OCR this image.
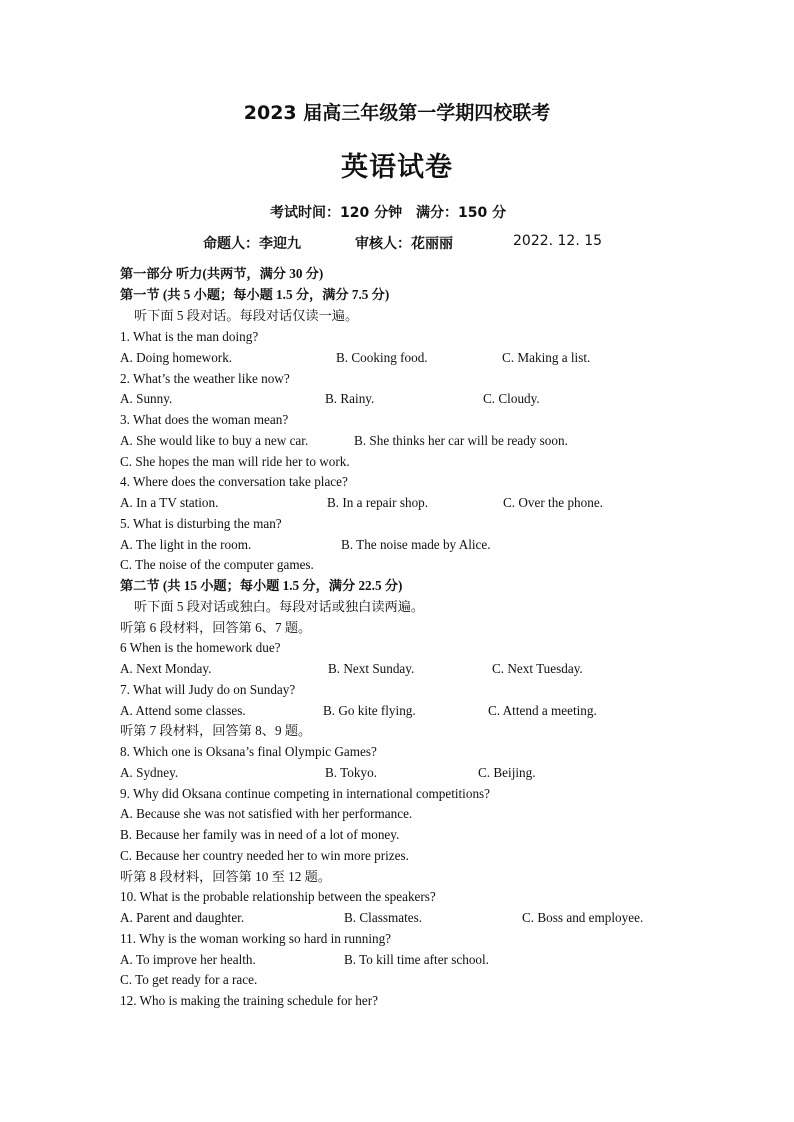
2023 届高三年级第一学期四校联考
英语试卷
考试时间：120 分钟 满分：150 分
命题人：李迎九	审核人：花丽丽	2022. 12. 15
第一部分 听力(共两节，满分 30 分)
第一节 (共 5 小题；每小题 1.5 分，满分 7.5 分)
听下面 5 段对话。每段对话仅读一遍。
1. What is the man doing?
A. Doing homework.	B. Cooking food.	C. Making a list.
2. What’s the weather like now?
A. Sunny.	B. Rainy.	C. Cloudy.
3. What does the woman mean?
A. She would like to buy a new car.	B. She thinks her car will be ready soon.
C. She hopes the man will ride her to work.
4. Where does the conversation take place?
A. In a TV station.	B. In a repair shop.	C. Over the phone.
5. What is disturbing the man?
A. The light in the room.	B. The noise made by Alice.
C. The noise of the computer games.
第二节 (共 15 小题；每小题 1.5 分，满分 22.5 分)
听下面 5 段对话或独白。每段对话或独白读两遍。
听第 6 段材料，回答第 6、7 题。
6 When is the homework due?
A. Next Monday.	B. Next Sunday.	C. Next Tuesday.
7. What will Judy do on Sunday?
A. Attend some classes.	B. Go kite flying.	C. Attend a meeting.
听第 7 段材料，回答第 8、9 题。
8. Which one is Oksana’s final Olympic Games?
A. Sydney.	B. Tokyo.	C. Beijing.
9. Why did Oksana continue competing in international competitions?
A. Because she was not satisfied with her performance.
B. Because her family was in need of a lot of money.
C. Because her country needed her to win more prizes.
听第 8 段材料，回答第 10 至 12 题。
10. What is the probable relationship between the speakers?
A. Parent and daughter.	B. Classmates.	C. Boss and employee.
11. Why is the woman working so hard in running?
A. To improve her health.	B. To kill time after school.
C. To get ready for a race.
12. Who is making the training schedule for her?
